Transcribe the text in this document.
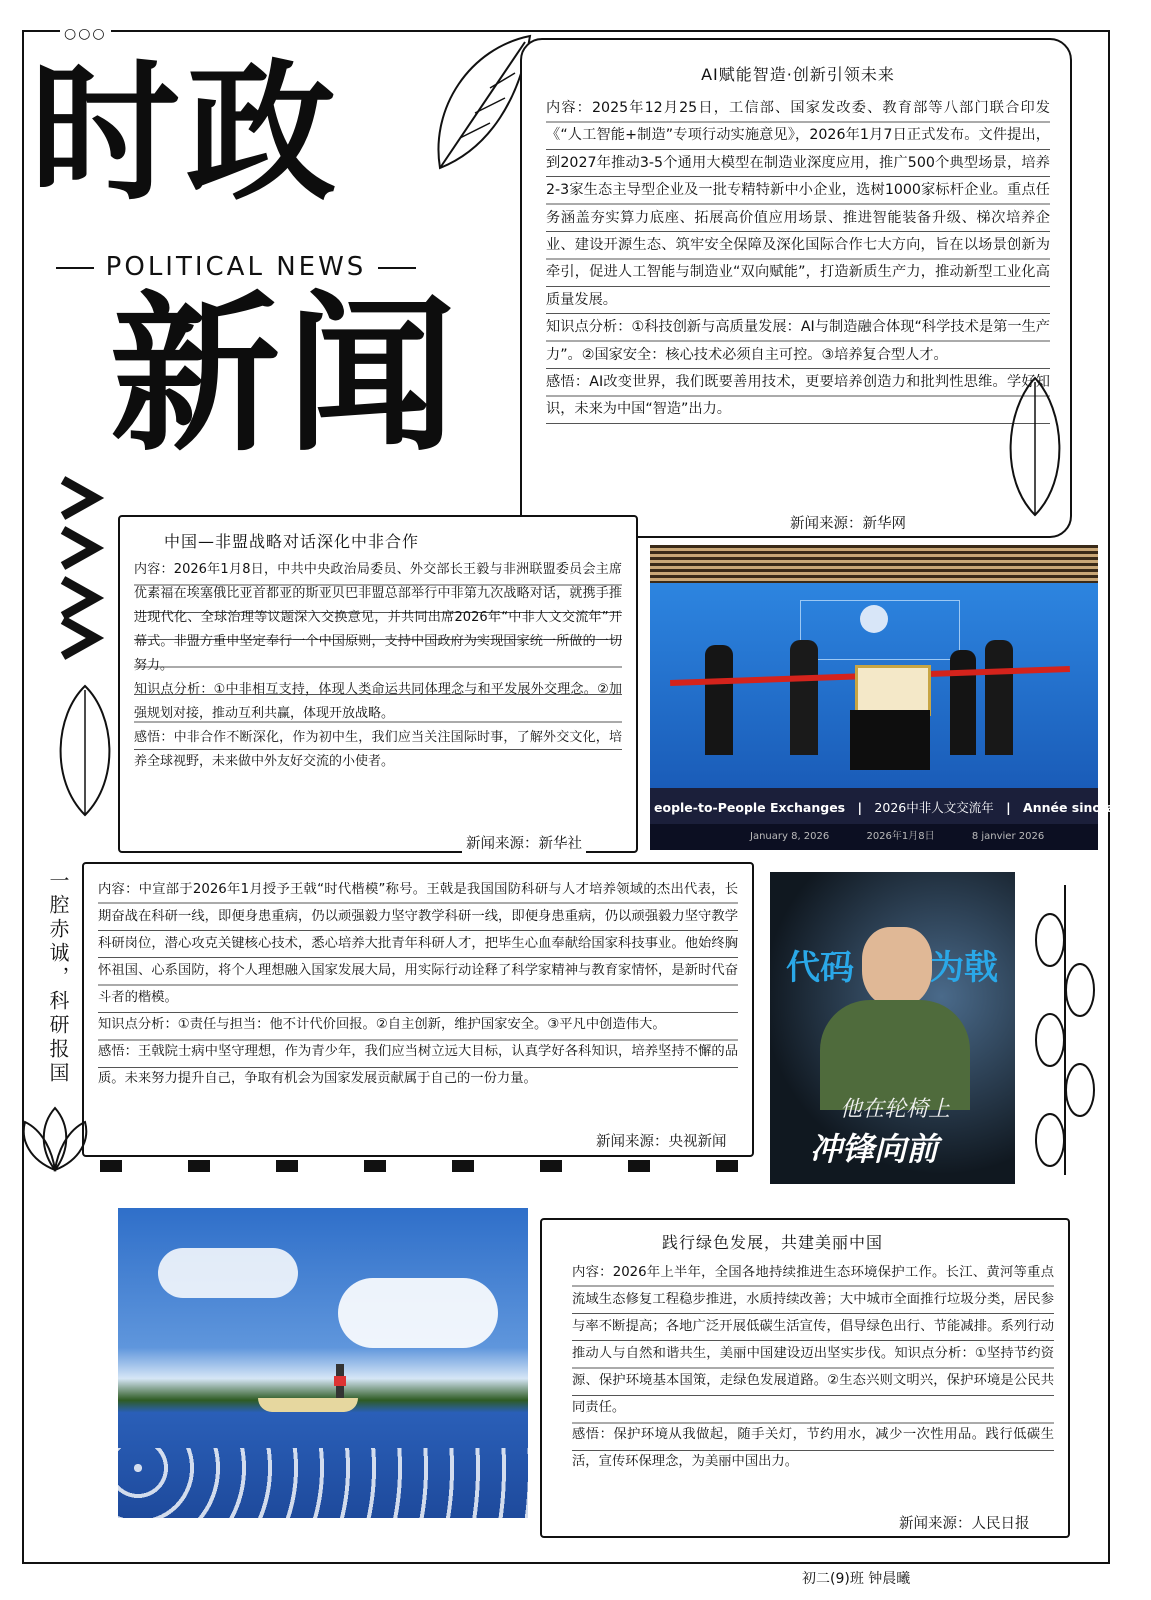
○○○
时政
POLITICAL NEWS
新闻
AI赋能智造·创新引领未来

内容：2025年12月25日，工信部、国家发改委、教育部等八部门联合印发《“人工智能+制造”专项行动实施意见》，2026年1月7日正式发布。文件提出，到2027年推动3-5个通用大模型在制造业深度应用，推广500个典型场景，培养2-3家生态主导型企业及一批专精特新中小企业，选树1000家标杆企业。重点任务涵盖夯实算力底座、拓展高价值应用场景、推进智能装备升级、梯次培养企业、建设开源生态、筑牢安全保障及深化国际合作七大方向，旨在以场景创新为牵引，促进人工智能与制造业“双向赋能”，打造新质生产力，推动新型工业化高质量发展。

知识点分析：①科技创新与高质量发展：AI与制造融合体现“科学技术是第一生产力”。②国家安全：核心技术必须自主可控。③培养复合型人才。

感悟：AI改变世界，我们既要善用技术，更要培养创造力和批判性思维。学好知识，未来为中国“智造”出力。

新闻来源：新华网
中国—非盟战略对话深化中非合作

内容：2026年1月8日，中共中央政治局委员、外交部长王毅与非洲联盟委员会主席优素福在埃塞俄比亚首都亚的斯亚贝巴非盟总部举行中非第九次战略对话，就携手推进现代化、全球治理等议题深入交换意见，并共同出席2026年“中非人文交流年”开幕式。非盟方重申坚定奉行一个中国原则，支持中国政府为实现国家统一所做的一切努力。

知识点分析：①中非相互支持，体现人类命运共同体理念与和平发展外交理念。②加强规划对接，推动互利共赢，体现开放战略。

感悟：中非合作不断深化，作为初中生，我们应当关注国际时事，了解外交文化，培养全球视野，未来做中外友好交流的小使者。

新闻来源：新华社
eople-to-People Exchanges | 2026中非人文交流年 | Année sino-africai
January 8, 2026	2026年1月8日	8 janvier 2026
一腔赤诚，科研报国 内容：中宣部于2026年1月授予王戟“时代楷模”称号。王戟是我国国防科研与人才培养领域的杰出代表，长期奋战在科研一线，即便身患重病，仍以顽强毅力坚守教学科研一线，即便身患重病，仍以顽强毅力坚守教学科研岗位，潜心攻克关键核心技术，悉心培养大批青年科研人才，把毕生心血奉献给国家科技事业。他始终胸怀祖国、心系国防，将个人理想融入国家发展大局，用实际行动诠释了科学家精神与教育家情怀，是新时代奋斗者的楷模。

知识点分析：①责任与担当：他不计代价回报。②自主创新，维护国家安全。③平凡中创造伟大。

感悟：王戟院士病中坚守理想，作为青少年，我们应当树立远大目标，认真学好各科知识，培养坚持不懈的品质。未来努力提升自己，争取有机会为国家发展贡献属于自己的一份力量。

新闻来源：央视新闻
代码 为戟
他在轮椅上
冲锋向前
践行绿色发展，共建美丽中国

内容：2026年上半年，全国各地持续推进生态环境保护工作。长江、黄河等重点流域生态修复工程稳步推进，水质持续改善；大中城市全面推行垃圾分类，居民参与率不断提高；各地广泛开展低碳生活宣传，倡导绿色出行、节能减排。系列行动推动人与自然和谐共生，美丽中国建设迈出坚实步伐。知识点分析：①坚持节约资源、保护环境基本国策，走绿色发展道路。②生态兴则文明兴，保护环境是公民共同责任。

感悟：保护环境从我做起，随手关灯，节约用水，减少一次性用品。践行低碳生活，宣传环保理念，为美丽中国出力。

新闻来源：人民日报
初二(9)班 钟晨曦
